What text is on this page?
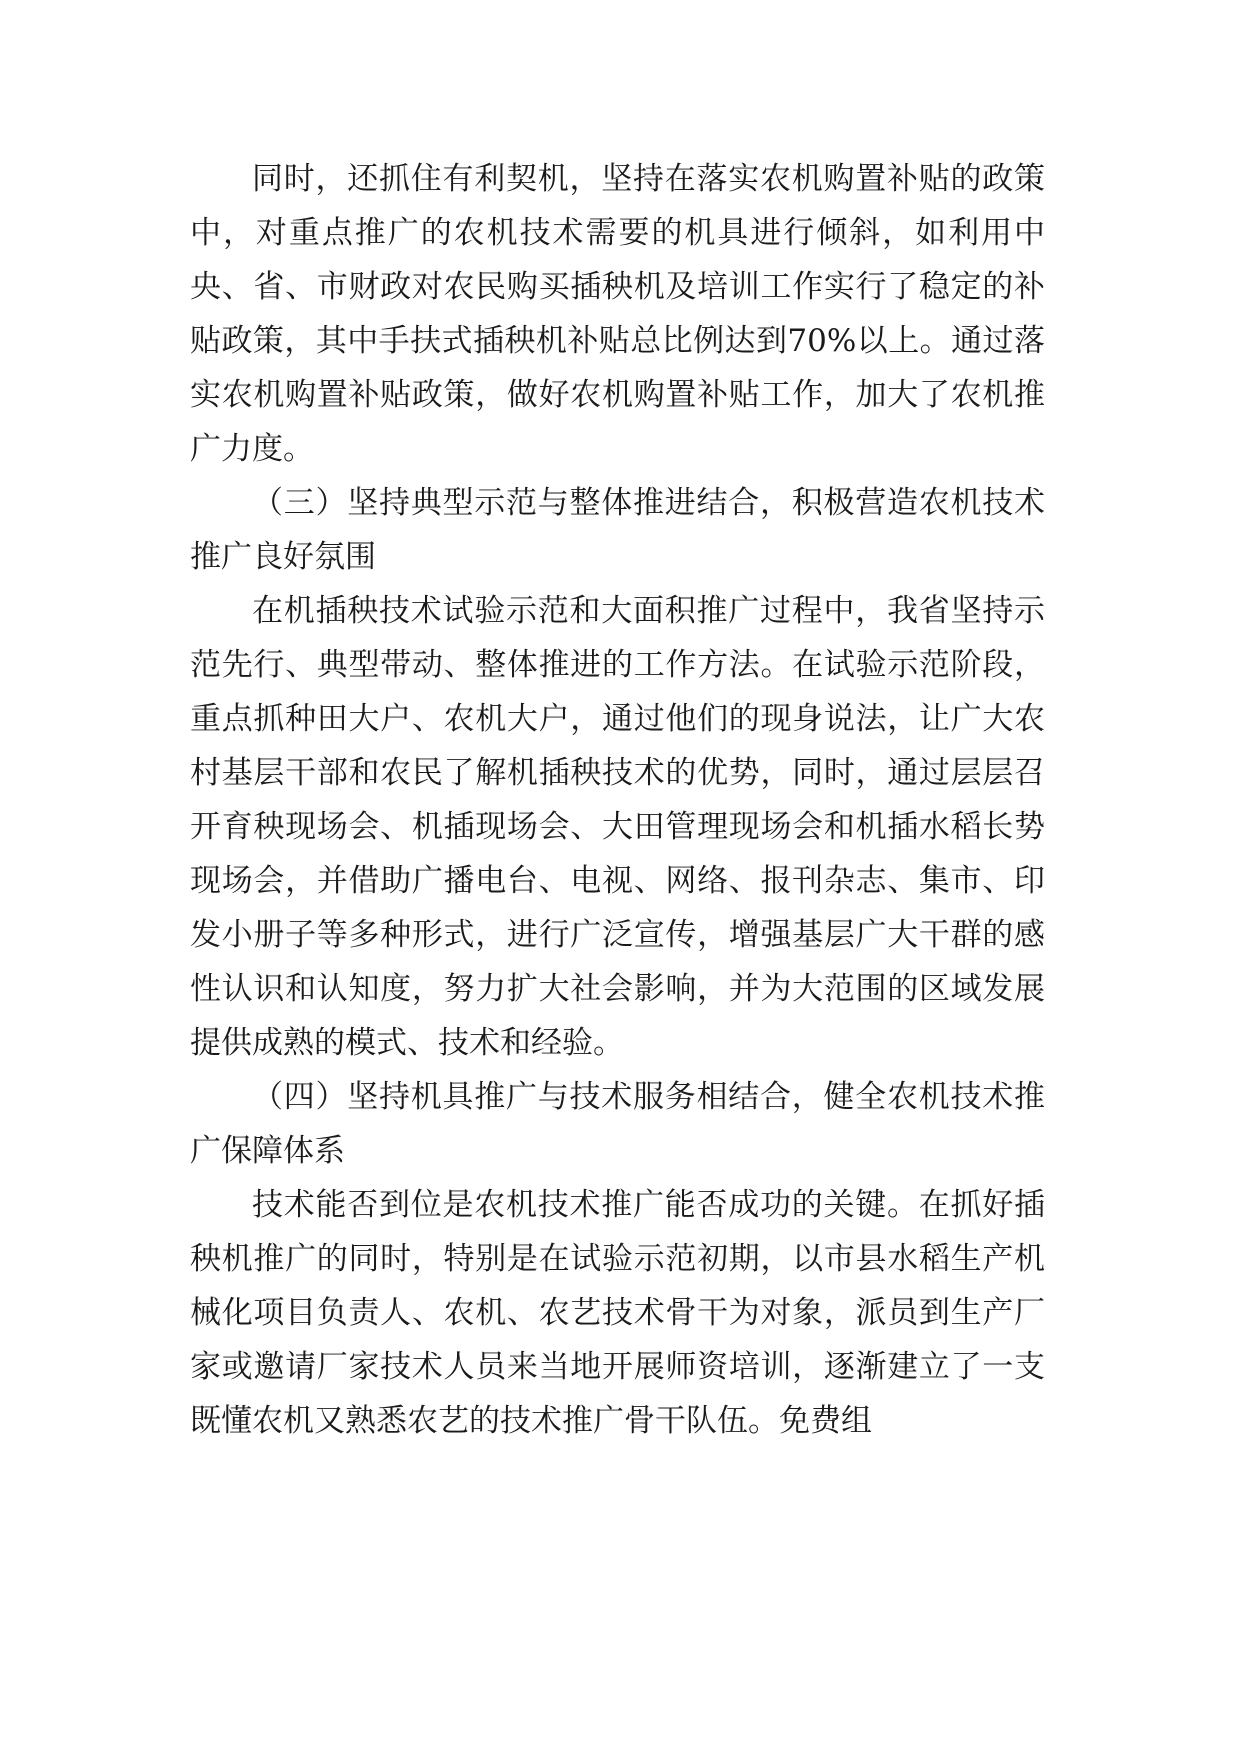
同时，还抓住有利契机，坚持在落实农机购置补贴的政策中，对重点推广的农机技术需要的机具进行倾斜，如利用中央、省、市财政对农民购买插秧机及培训工作实行了稳定的补贴政策，其中手扶式插秧机补贴总比例达到70%以上。通过落实农机购置补贴政策，做好农机购置补贴工作，加大了农机推广力度。

（三）坚持典型示范与整体推进结合，积极营造农机技术推广良好氛围

在机插秧技术试验示范和大面积推广过程中，我省坚持示范先行、典型带动、整体推进的工作方法。在试验示范阶段，重点抓种田大户、农机大户，通过他们的现身说法，让广大农村基层干部和农民了解机插秧技术的优势，同时，通过层层召开育秧现场会、机插现场会、大田管理现场会和机插水稻长势现场会，并借助广播电台、电视、网络、报刊杂志、集市、印发小册子等多种形式，进行广泛宣传，增强基层广大干群的感性认识和认知度，努力扩大社会影响，并为大范围的区域发展提供成熟的模式、技术和经验。

（四）坚持机具推广与技术服务相结合，健全农机技术推广保障体系

技术能否到位是农机技术推广能否成功的关键。在抓好插秧机推广的同时，特别是在试验示范初期，以市县水稻生产机械化项目负责人、农机、农艺技术骨干为对象，派员到生产厂家或邀请厂家技术人员来当地开展师资培训，逐渐建立了一支既懂农机又熟悉农艺的技术推广骨干队伍。免费组
